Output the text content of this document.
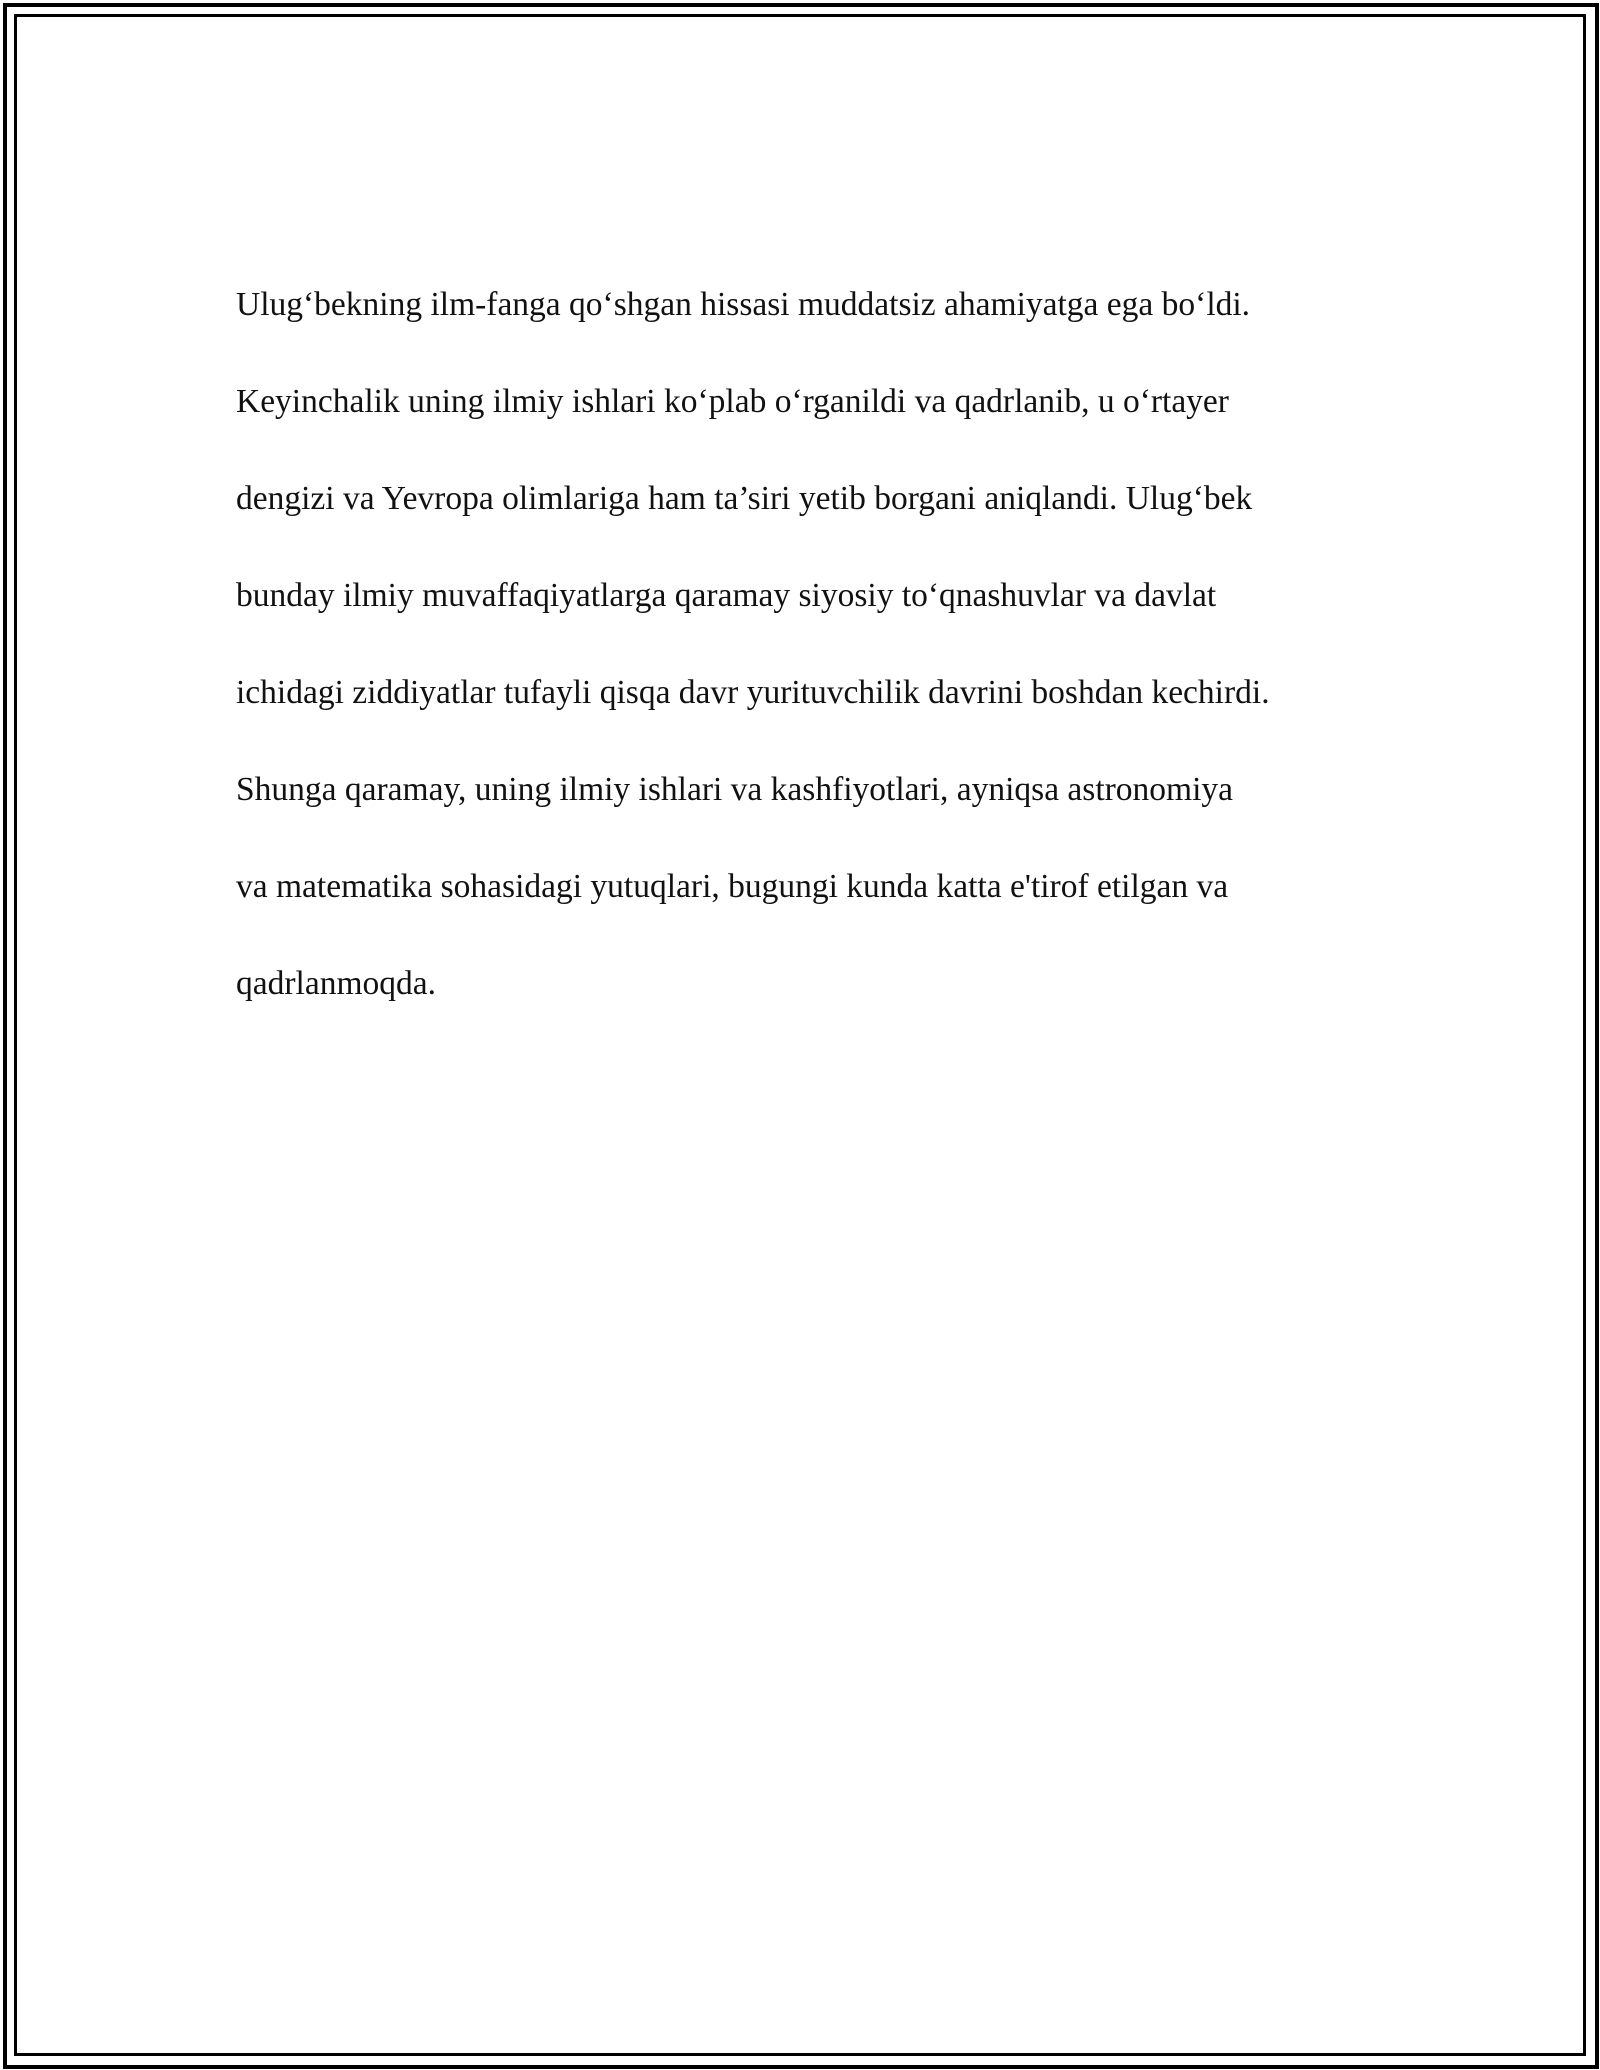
Ulug‘bekning ilm-fanga qo‘shgan hissasi muddatsiz ahamiyatga ega bo‘ldi.

Keyinchalik uning ilmiy ishlari ko‘plab o‘rganildi va qadrlanib, u o‘rtayer

dengizi va Yevropa olimlariga ham ta’siri yetib borgani aniqlandi. Ulug‘bek

bunday ilmiy muvaffaqiyatlarga qaramay siyosiy to‘qnashuvlar va davlat

ichidagi ziddiyatlar tufayli qisqa davr yurituvchilik davrini boshdan kechirdi.

Shunga qaramay, uning ilmiy ishlari va kashfiyotlari, ayniqsa astronomiya

va matematika sohasidagi yutuqlari, bugungi kunda katta e'tirof etilgan va

qadrlanmoqda.
